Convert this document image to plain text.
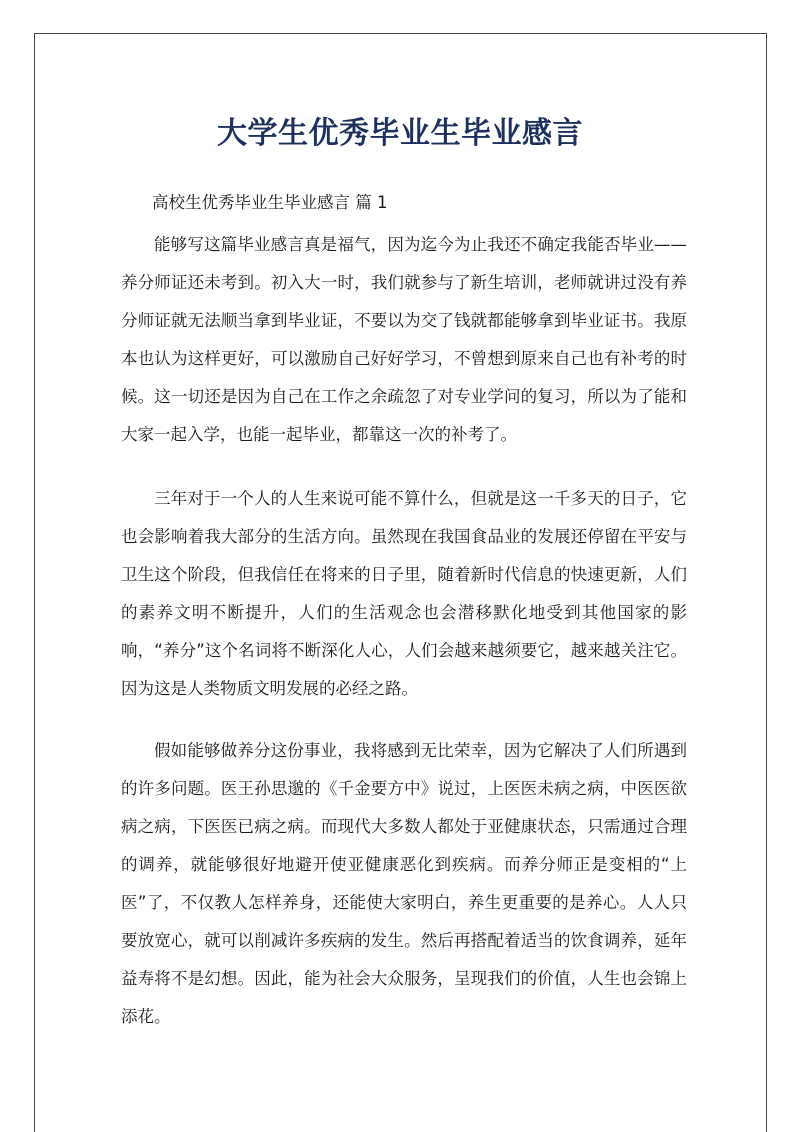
大学生优秀毕业生毕业感言
高校生优秀毕业生毕业感言 篇 1

能够写这篇毕业感言真是福气，因为迄今为止我还不确定我能否毕业——养分师证还未考到。初入大一时，我们就参与了新生培训，老师就讲过没有养分师证就无法顺当拿到毕业证，不要以为交了钱就都能够拿到毕业证书。我原本也认为这样更好，可以激励自己好好学习，不曾想到原来自己也有补考的时候。这一切还是因为自己在工作之余疏忽了对专业学问的复习，所以为了能和大家一起入学，也能一起毕业，都靠这一次的补考了。

三年对于一个人的人生来说可能不算什么，但就是这一千多天的日子，它也会影响着我大部分的生活方向。虽然现在我国食品业的发展还停留在平安与卫生这个阶段，但我信任在将来的日子里，随着新时代信息的快速更新，人们的素养文明不断提升，人们的生活观念也会潜移默化地受到其他国家的影响，“养分”这个名词将不断深化人心，人们会越来越须要它，越来越关注它。因为这是人类物质文明发展的必经之路。

假如能够做养分这份事业，我将感到无比荣幸，因为它解决了人们所遇到的许多问题。医王孙思邈的《千金要方中》说过，上医医未病之病，中医医欲病之病，下医医已病之病。而现代大多数人都处于亚健康状态，只需通过合理的调养，就能够很好地避开使亚健康恶化到疾病。而养分师正是变相的“上医”了，不仅教人怎样养身，还能使大家明白，养生更重要的是养心。人人只要放宽心，就可以削减许多疾病的发生。然后再搭配着适当的饮食调养，延年益寿将不是幻想。因此，能为社会大众服务，呈现我们的价值，人生也会锦上添花。
